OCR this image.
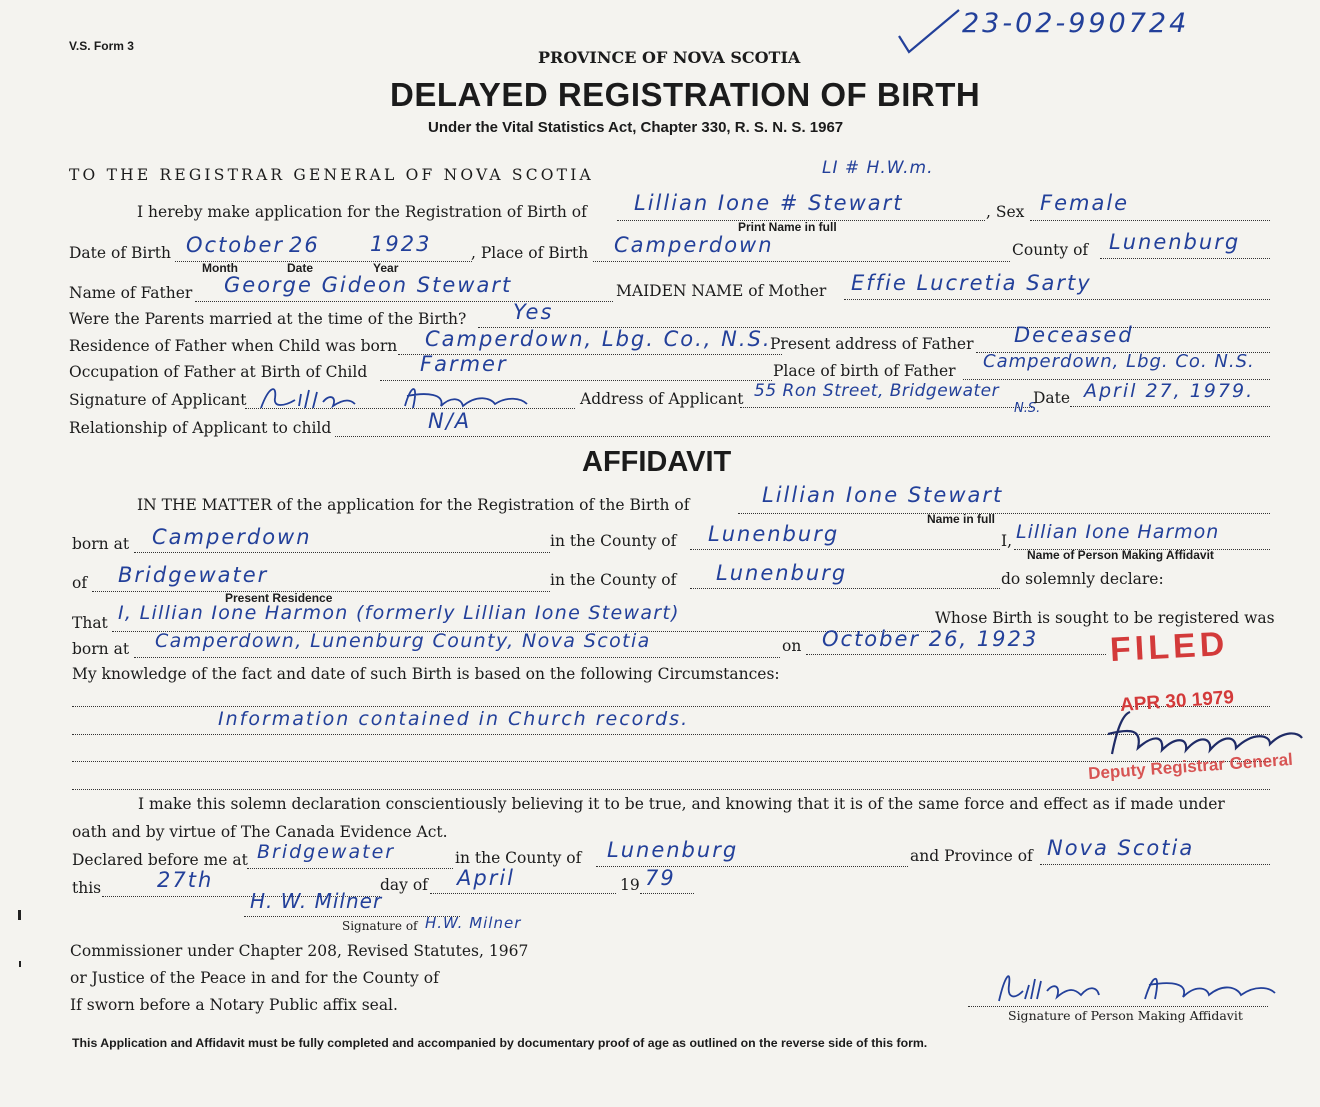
V.S. Form 3
PROVINCE OF NOVA SCOTIA
DELAYED REGISTRATION OF BIRTH
Under the Vital Statistics Act, Chapter 330, R. S. N. S. 1967
23-02-990724
TO THE REGISTRAR GENERAL OF NOVA SCOTIA	LI # H.W.m.
I hereby make application for the Registration of Birth of Lillian Ione # Stewart	, Sex Female
Print Name in full
Date of Birth October 26 1923
Month	Date	Year
, Place of Birth Camperdown	County of Lunenburg
Name of Father George Gideon Stewart	MAIDEN NAME of Mother Effie Lucretia Sarty
Were the Parents married at the time of the Birth? Yes
Residence of Father when Child was born Camperdown, Lbg. Co., N.S.
Present address of Father Deceased
Occupation of Father at Birth of Child	Farmer	Place of birth of Father Camperdown, Lbg. Co. N.S.
Signature of Applicant	Address of Applicant 55 Ron Street, Bridgewater
N.S.
Date April 27, 1979.
Relationship of Applicant to child	N/A
AFFIDAVIT
IN THE MATTER of the application for the Registration of the Birth of	Lillian Ione Stewart
Name in full
born at Camperdown	in the County of Lunenburg	I, Lillian Ione Harmon
Name of Person Making Affidavit
of Bridgewater
Present Residence
in the County of Lunenburg	do solemnly declare:
That I, Lillian Ione Harmon (formerly Lillian Ione Stewart)	Whose Birth is sought to be registered was
born at Camperdown, Lunenburg County, Nova Scotia	on October 26, 1923
My knowledge of the fact and date of such Birth is based on the following Circumstances:
Information contained in Church records.
I make this solemn declaration conscientiously believing it to be true, and knowing that it is of the same force and effect as if made under
oath and by virtue of The Canada Evidence Act.
Declared before me at Bridgewater	in the County of Lunenburg	and Province of Nova Scotia
this	27th	day of April	19 79
H. W. Milner
Signature of H.W. Milner
Commissioner under Chapter 208, Revised Statutes, 1967
or Justice of the Peace in and for the County of
If sworn before a Notary Public affix seal.
Signature of Person Making Affidavit
This Application and Affidavit must be fully completed and accompanied by documentary proof of age as outlined on the reverse side of this form.
FILED
APR 30 1979
Deputy Registrar General
